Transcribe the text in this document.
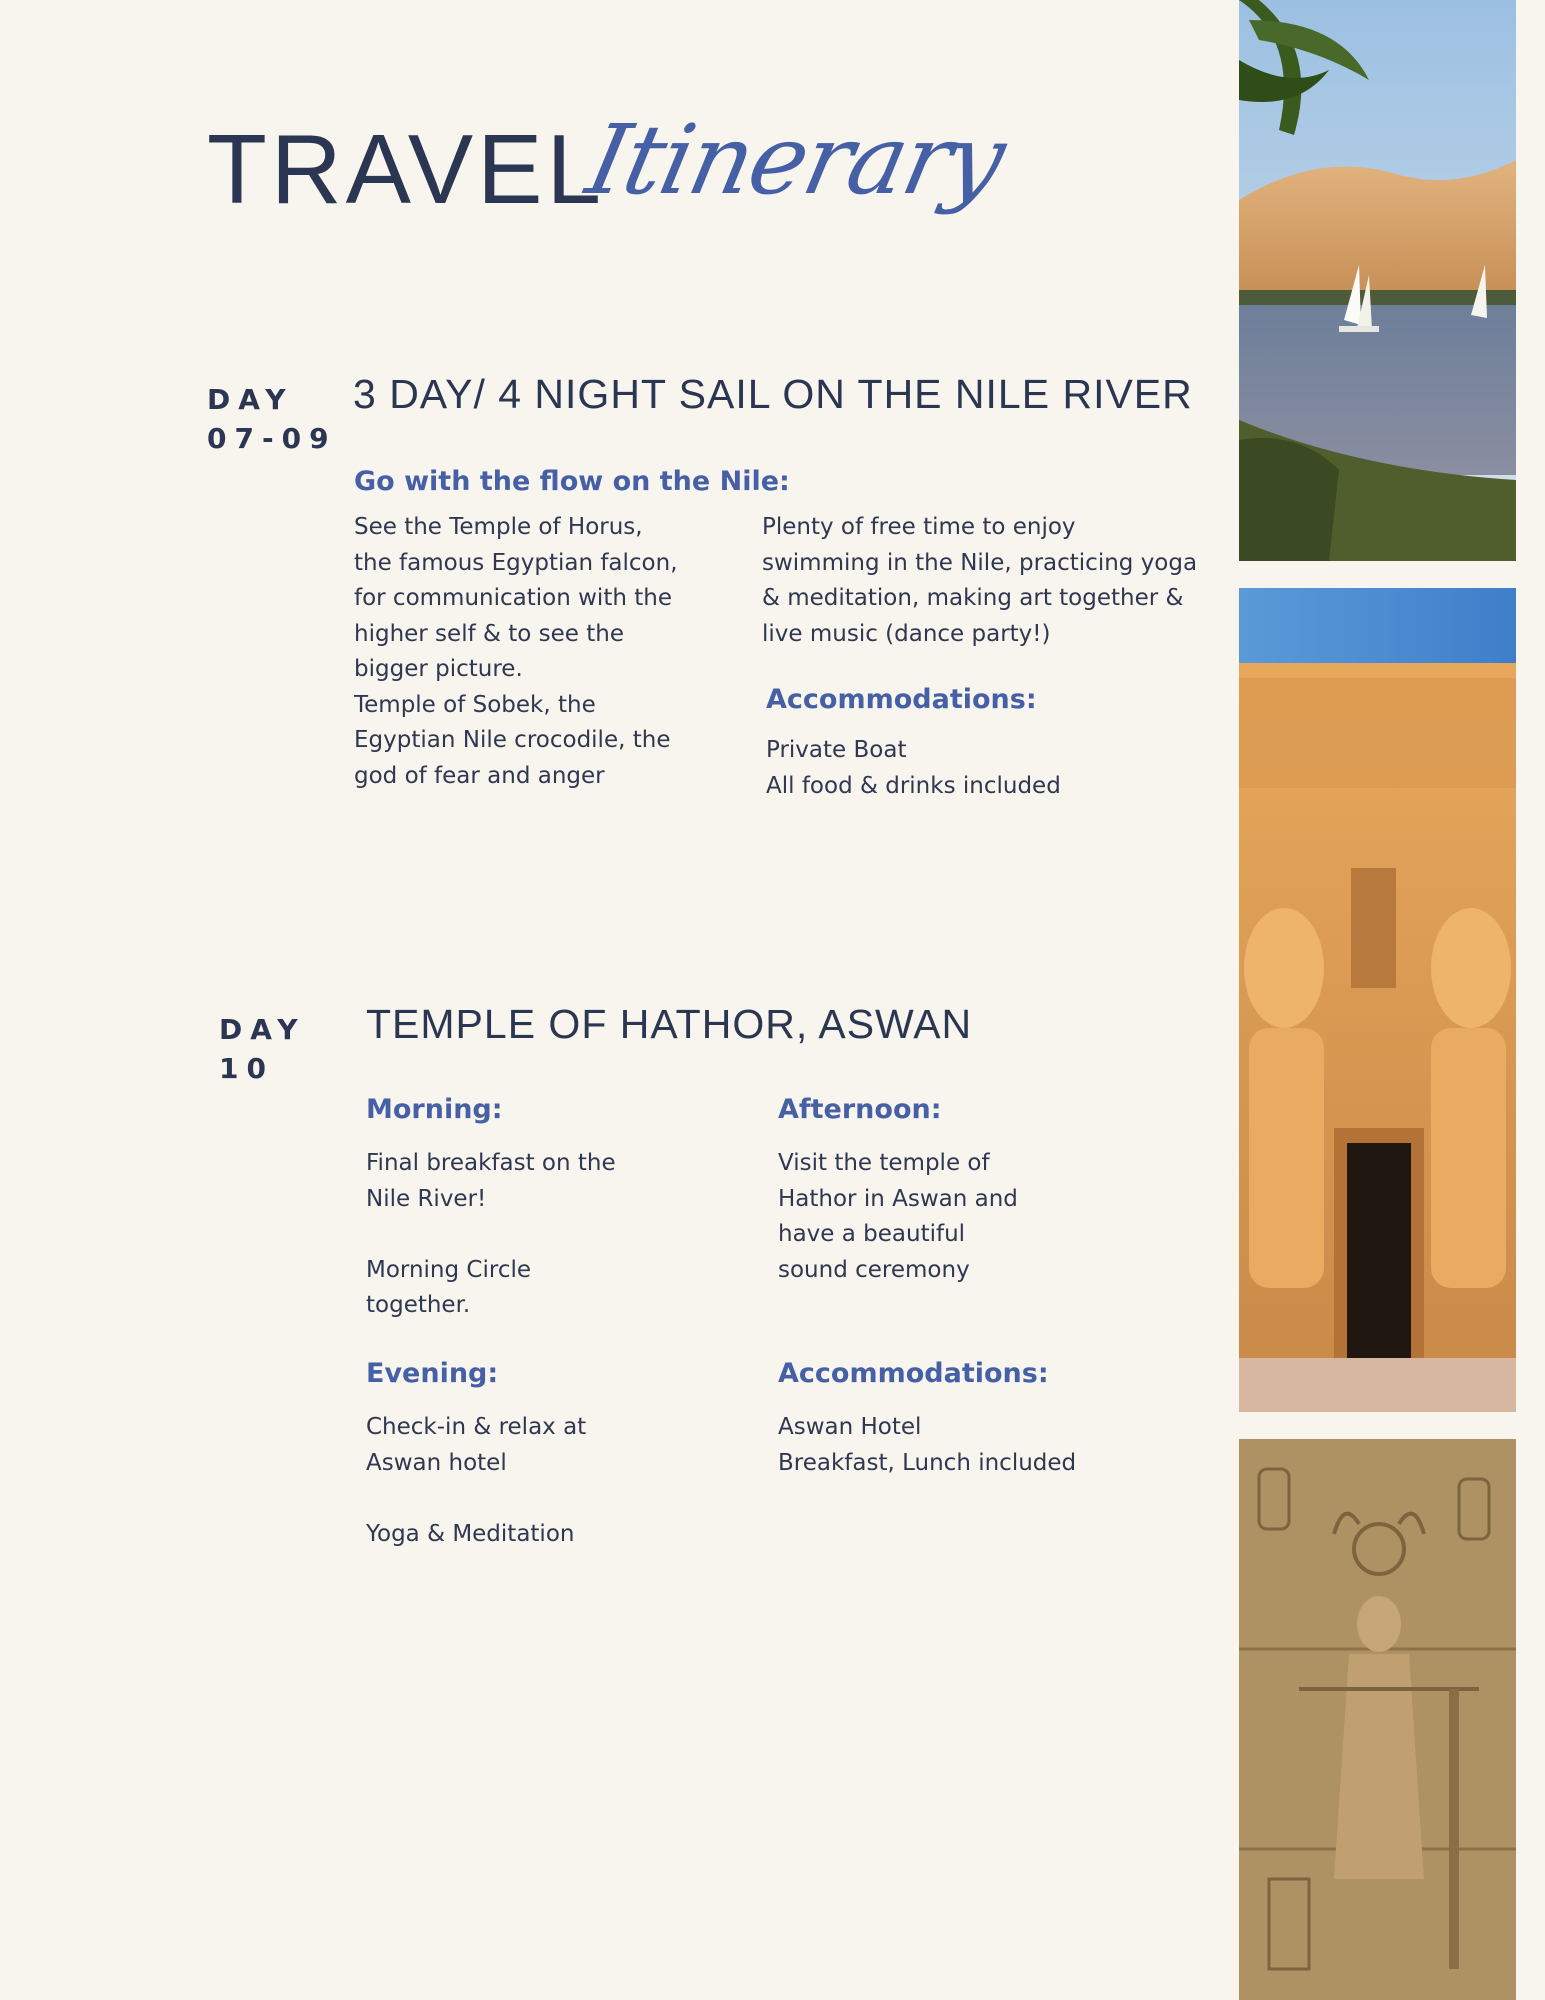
TRAVEL
Itinerary
DAY
07-09
3 DAY/ 4 NIGHT SAIL ON THE NILE RIVER
Go with the flow on the Nile:
See the Temple of Horus,
the famous Egyptian falcon,
for communication with the
higher self & to see the
bigger picture.
Temple of Sobek, the
Egyptian Nile crocodile, the
god of fear and anger
Plenty of free time to enjoy
swimming in the Nile, practicing yoga
& meditation, making art together &
live music (dance party!)
Accommodations:
Private Boat
All food & drinks included
DAY
10
TEMPLE OF HATHOR, ASWAN
Morning:
Final breakfast on the
Nile River!

Morning Circle
together.
Afternoon:
Visit the temple of
Hathor in Aswan and
have a beautiful
sound ceremony
Evening:
Check-in & relax at
Aswan hotel

Yoga & Meditation
Accommodations:
Aswan Hotel
Breakfast, Lunch included
